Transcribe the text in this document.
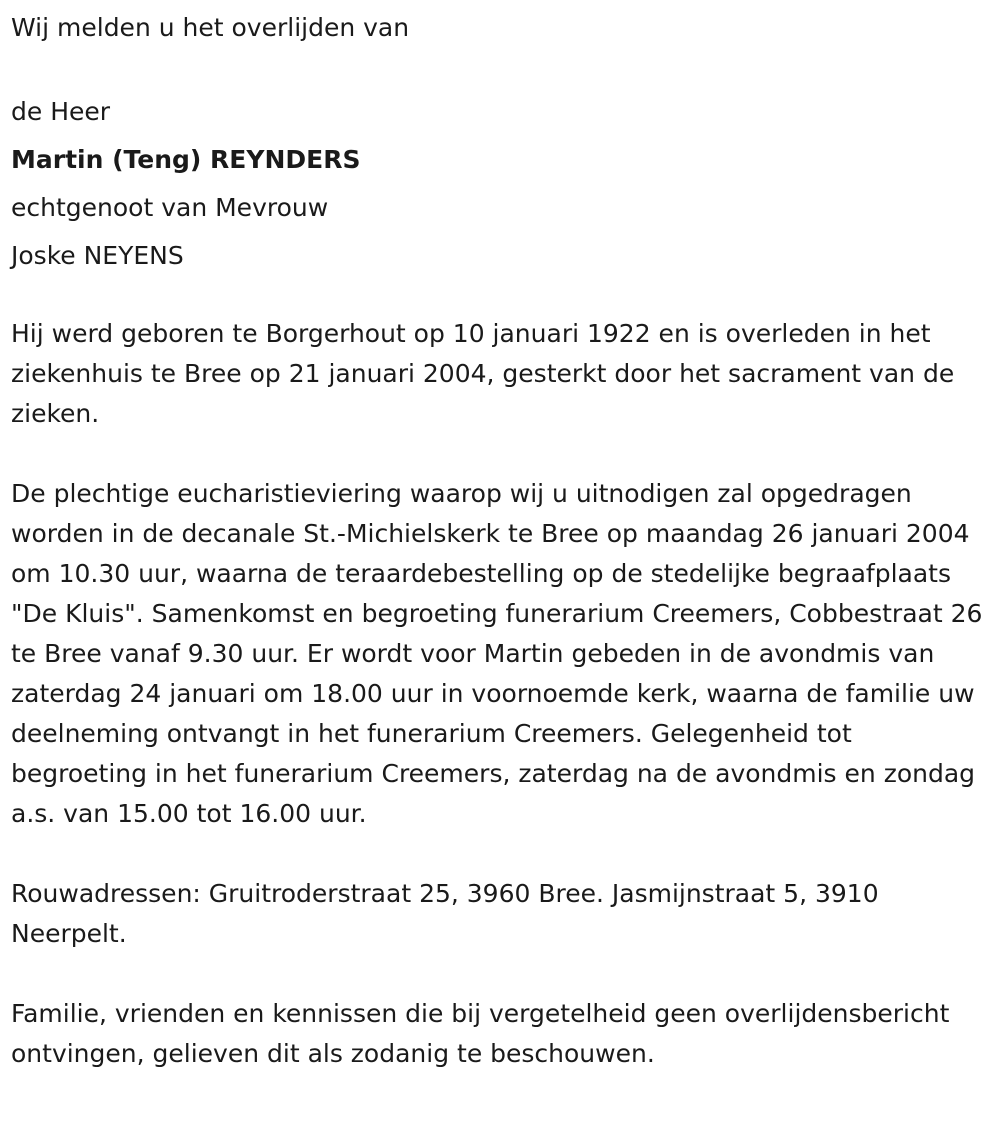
Wij melden u het overlijden van

de Heer

Martin (Teng) REYNDERS

echtgenoot van Mevrouw

Joske NEYENS

Hij werd geboren te Borgerhout op 10 januari 1922 en is overleden in het ziekenhuis te Bree op 21 januari 2004, gesterkt door het sacrament van de zieken.

De plechtige eucharistieviering waarop wij u uitnodigen zal opgedragen worden in de decanale St.-Michielskerk te Bree op maandag 26 januari 2004 om 10.30 uur, waarna de teraardebestelling op de stedelijke begraafplaats "De Kluis". Samenkomst en begroeting funerarium Creemers, Cobbestraat 26 te Bree vanaf 9.30 uur. Er wordt voor Martin gebeden in de avondmis van zaterdag 24 januari om 18.00 uur in voornoemde kerk, waarna de familie uw deelneming ontvangt in het funerarium Creemers. Gelegenheid tot begroeting in het funerarium Creemers, zaterdag na de avondmis en zondag a.s. van 15.00 tot 16.00 uur.

Rouwadressen: Gruitroderstraat 25, 3960 Bree. Jasmijnstraat 5, 3910 Neerpelt.

Familie, vrienden en kennissen die bij vergetelheid geen overlijdensbericht ontvingen, gelieven dit als zodanig te beschouwen.
